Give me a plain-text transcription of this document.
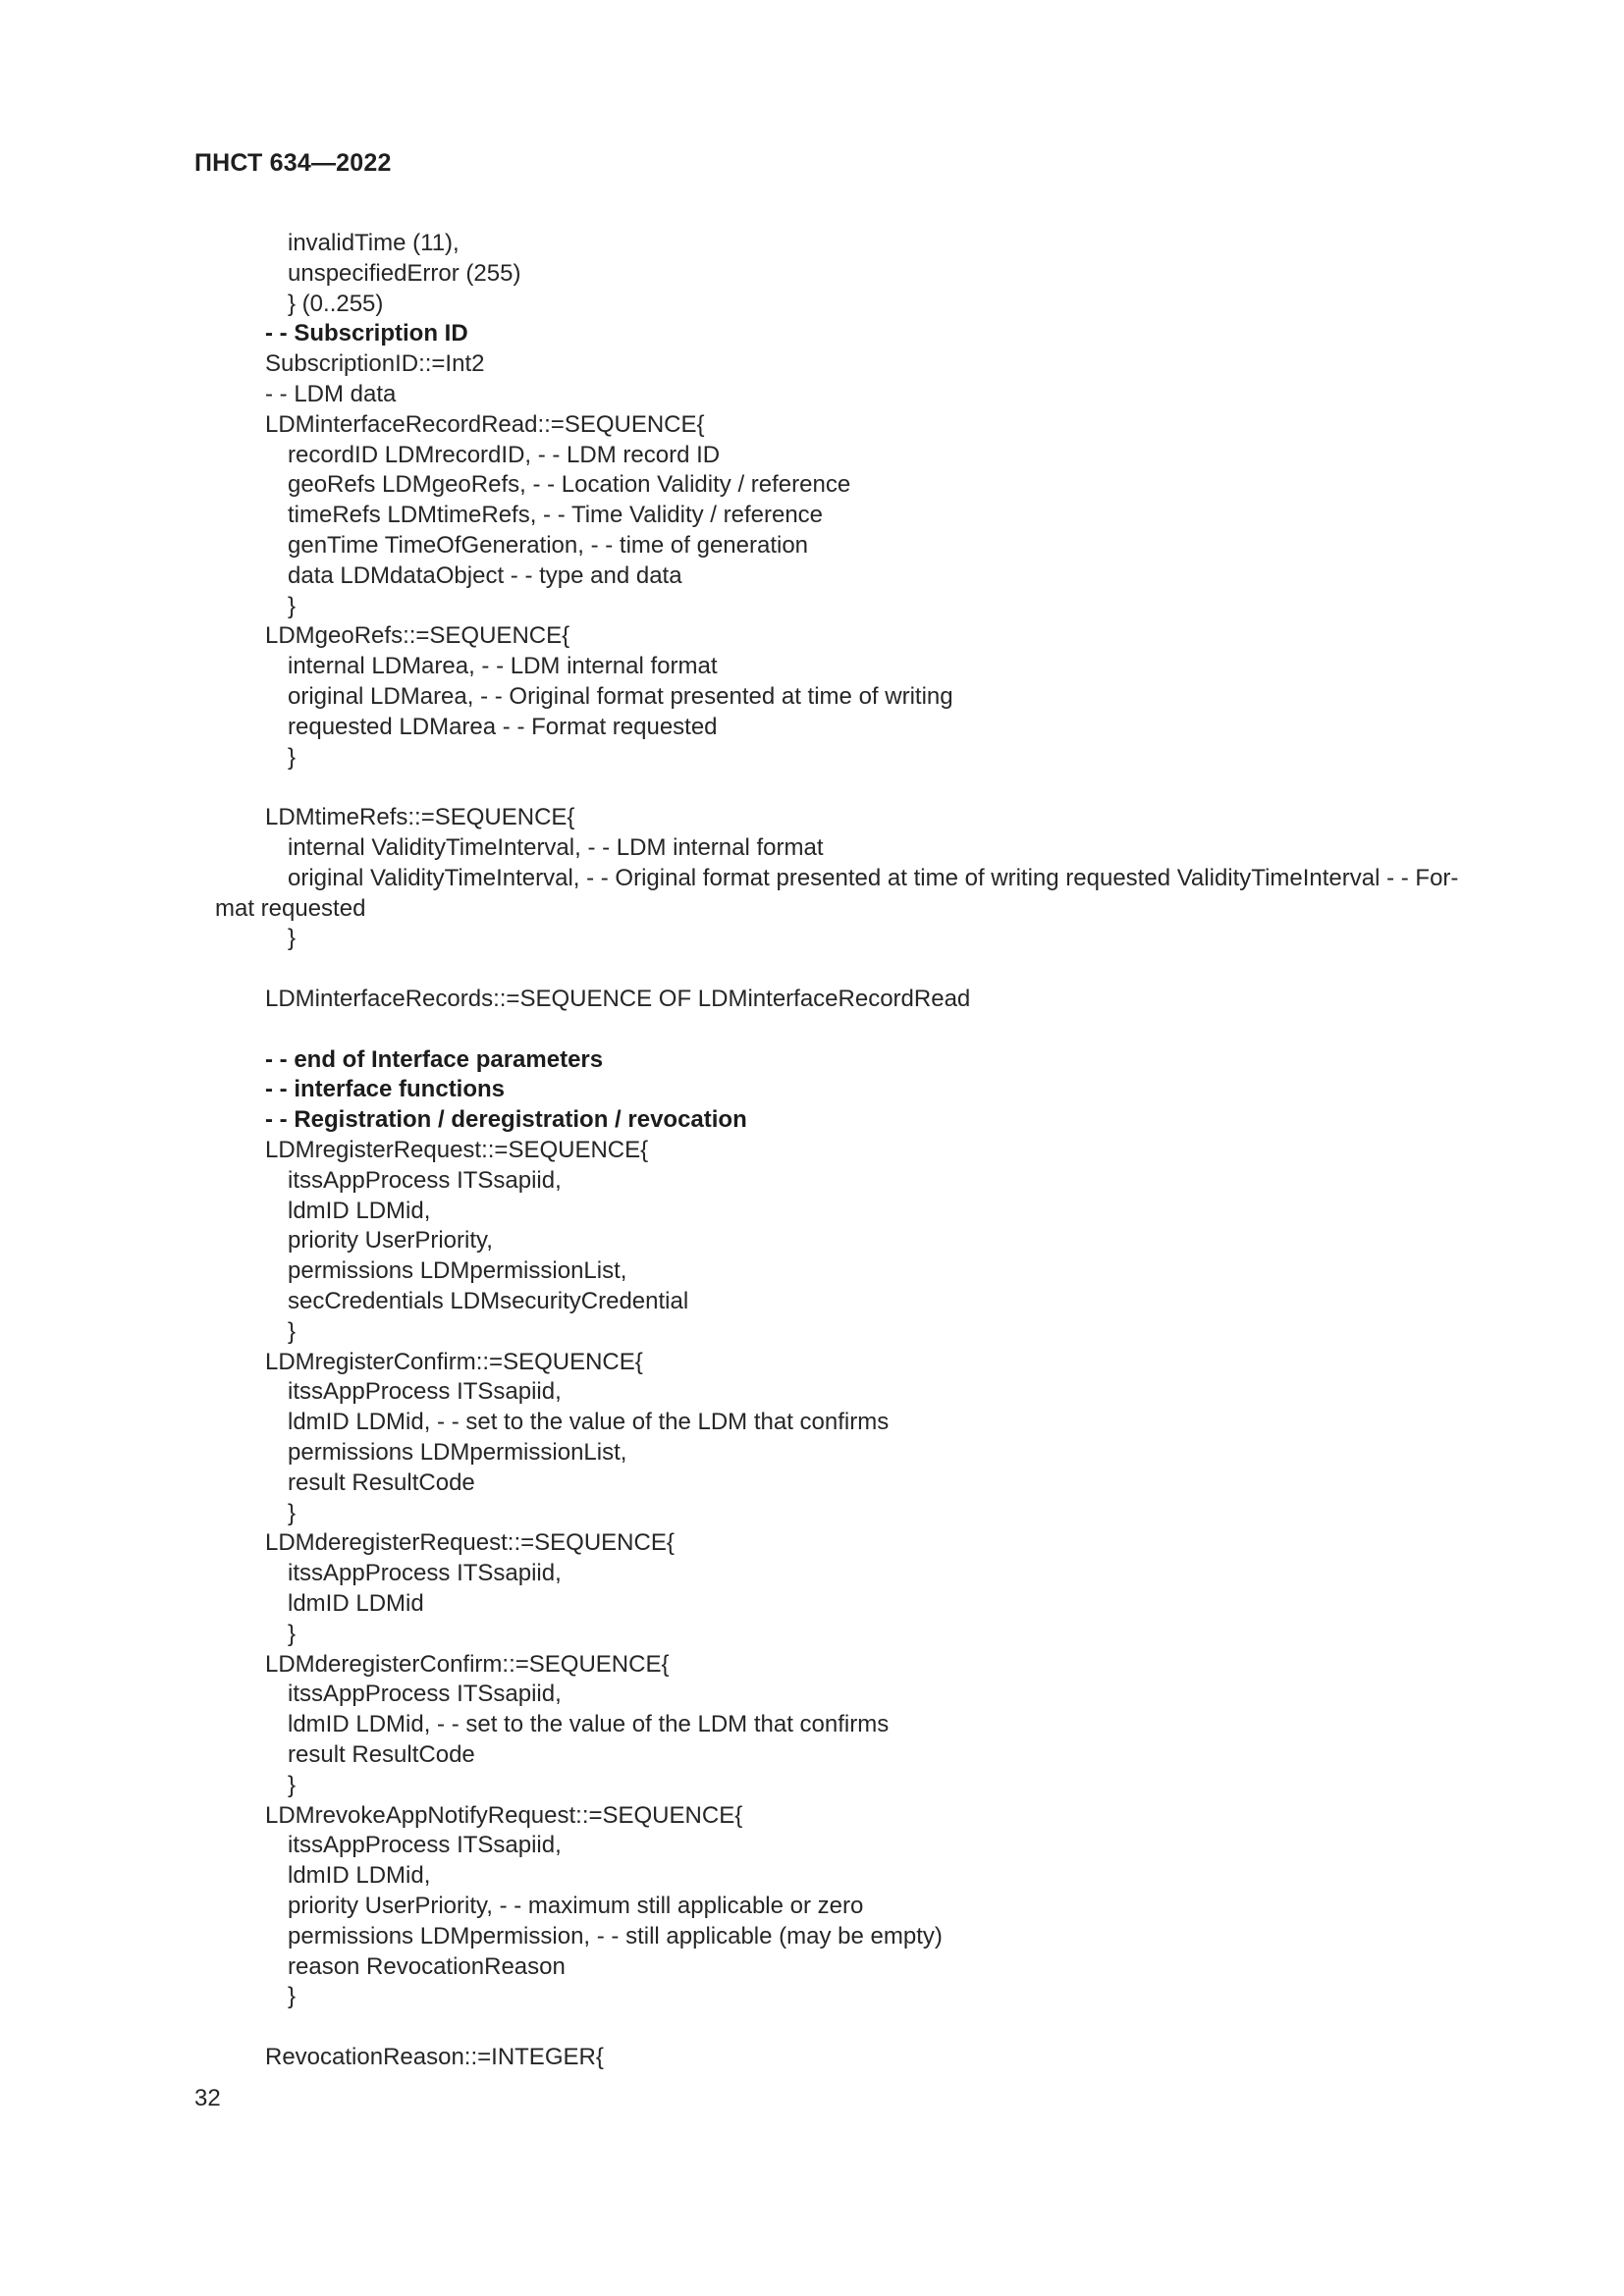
ПНСТ 634—2022
invalidTime (11),
unspecifiedError (255)
} (0..255)
- - Subscription ID
SubscriptionID::=Int2
- - LDM data
LDMinterfaceRecordRead::=SEQUENCE{
recordID LDMrecordID, - - LDM record ID
geoRefs LDMgeoRefs, - - Location Validity / reference
timeRefs LDMtimeRefs, - - Time Validity / reference
genTime TimeOfGeneration, - - time of generation
data LDMdataObject - - type and data
}
LDMgeoRefs::=SEQUENCE{
internal LDMarea, - - LDM internal format
original LDMarea, - - Original format presented at time of writing
requested LDMarea - - Format requested
}
LDMtimeRefs::=SEQUENCE{
internal ValidityTimeInterval, - - LDM internal format
original ValidityTimeInterval, - - Original format presented at time of writing requested ValidityTimeInterval - - For-
mat requested
}
LDMinterfaceRecords::=SEQUENCE OF LDMinterfaceRecordRead
- - end of Interface parameters
- - interface functions
- - Registration / deregistration / revocation
LDMregisterRequest::=SEQUENCE{
itssAppProcess ITSsapiid,
ldmID LDMid,
priority UserPriority,
permissions LDMpermissionList,
secCredentials LDMsecurityCredential
}
LDMregisterConfirm::=SEQUENCE{
itssAppProcess ITSsapiid,
ldmID LDMid, - - set to the value of the LDM that confirms
permissions LDMpermissionList,
result ResultCode
}
LDMderegisterRequest::=SEQUENCE{
itssAppProcess ITSsapiid,
ldmID LDMid
}
LDMderegisterConfirm::=SEQUENCE{
itssAppProcess ITSsapiid,
ldmID LDMid, - - set to the value of the LDM that confirms
result ResultCode
}
LDMrevokeAppNotifyRequest::=SEQUENCE{
itssAppProcess ITSsapiid,
ldmID LDMid,
priority UserPriority, - - maximum still applicable or zero
permissions LDMpermission, - - still applicable (may be empty)
reason RevocationReason
}
RevocationReason::=INTEGER{
32
